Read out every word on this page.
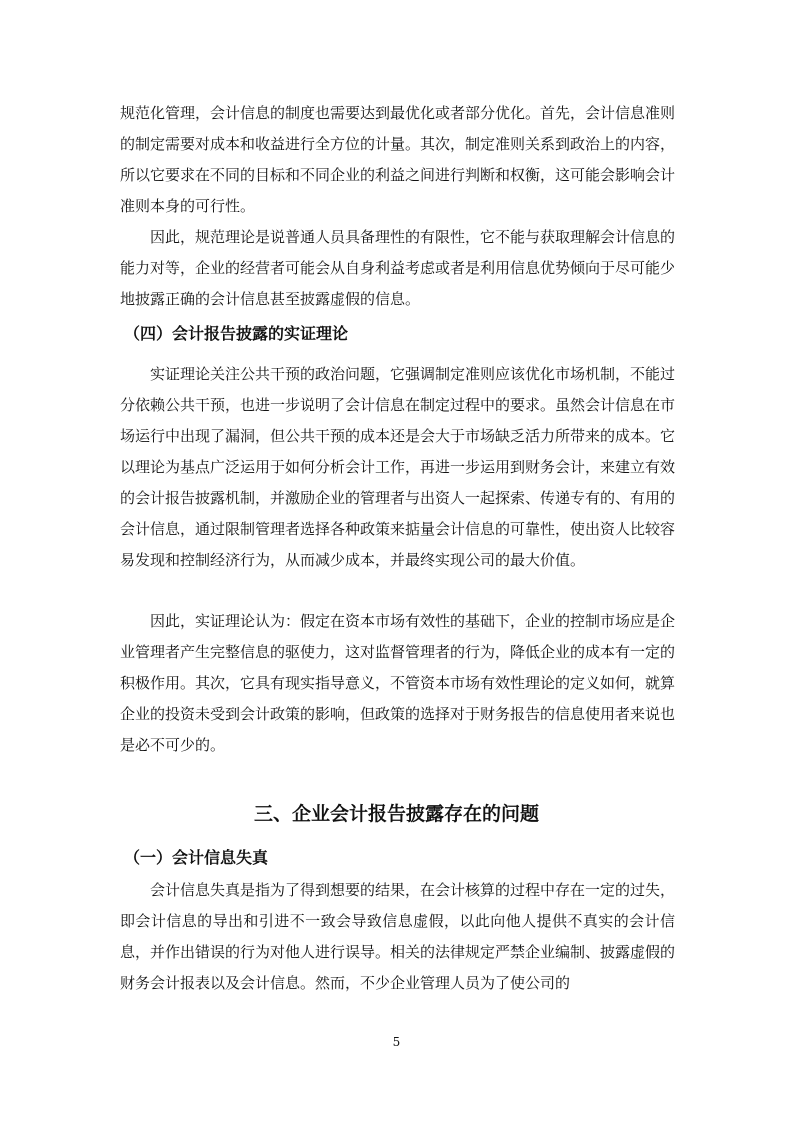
规范化管理，会计信息的制度也需要达到最优化或者部分优化。首先，会计信息准则的制定需要对成本和收益进行全方位的计量。其次，制定准则关系到政治上的内容，所以它要求在不同的目标和不同企业的利益之间进行判断和权衡，这可能会影响会计准则本身的可行性。

因此，规范理论是说普通人员具备理性的有限性，它不能与获取理解会计信息的能力对等，企业的经营者可能会从自身利益考虑或者是利用信息优势倾向于尽可能少地披露正确的会计信息甚至披露虚假的信息。

（四）会计报告披露的实证理论

实证理论关注公共干预的政治问题，它强调制定准则应该优化市场机制，不能过分依赖公共干预，也进一步说明了会计信息在制定过程中的要求。虽然会计信息在市场运行中出现了漏洞，但公共干预的成本还是会大于市场缺乏活力所带来的成本。它以理论为基点广泛运用于如何分析会计工作，再进一步运用到财务会计，来建立有效的会计报告披露机制，并激励企业的管理者与出资人一起探索、传递专有的、有用的会计信息，通过限制管理者选择各种政策来掂量会计信息的可靠性，使出资人比较容易发现和控制经济行为，从而减少成本，并最终实现公司的最大价值。

因此，实证理论认为：假定在资本市场有效性的基础下，企业的控制市场应是企业管理者产生完整信息的驱使力，这对监督管理者的行为，降低企业的成本有一定的积极作用。其次，它具有现实指导意义，不管资本市场有效性理论的定义如何，就算企业的投资未受到会计政策的影响，但政策的选择对于财务报告的信息使用者来说也是必不可少的。

三、企业会计报告披露存在的问题
（一）会计信息失真

会计信息失真是指为了得到想要的结果，在会计核算的过程中存在一定的过失，即会计信息的导出和引进不一致会导致信息虚假，以此向他人提供不真实的会计信息，并作出错误的行为对他人进行误导。相关的法律规定严禁企业编制、披露虚假的财务会计报表以及会计信息。然而，不少企业管理人员为了使公司的

5
